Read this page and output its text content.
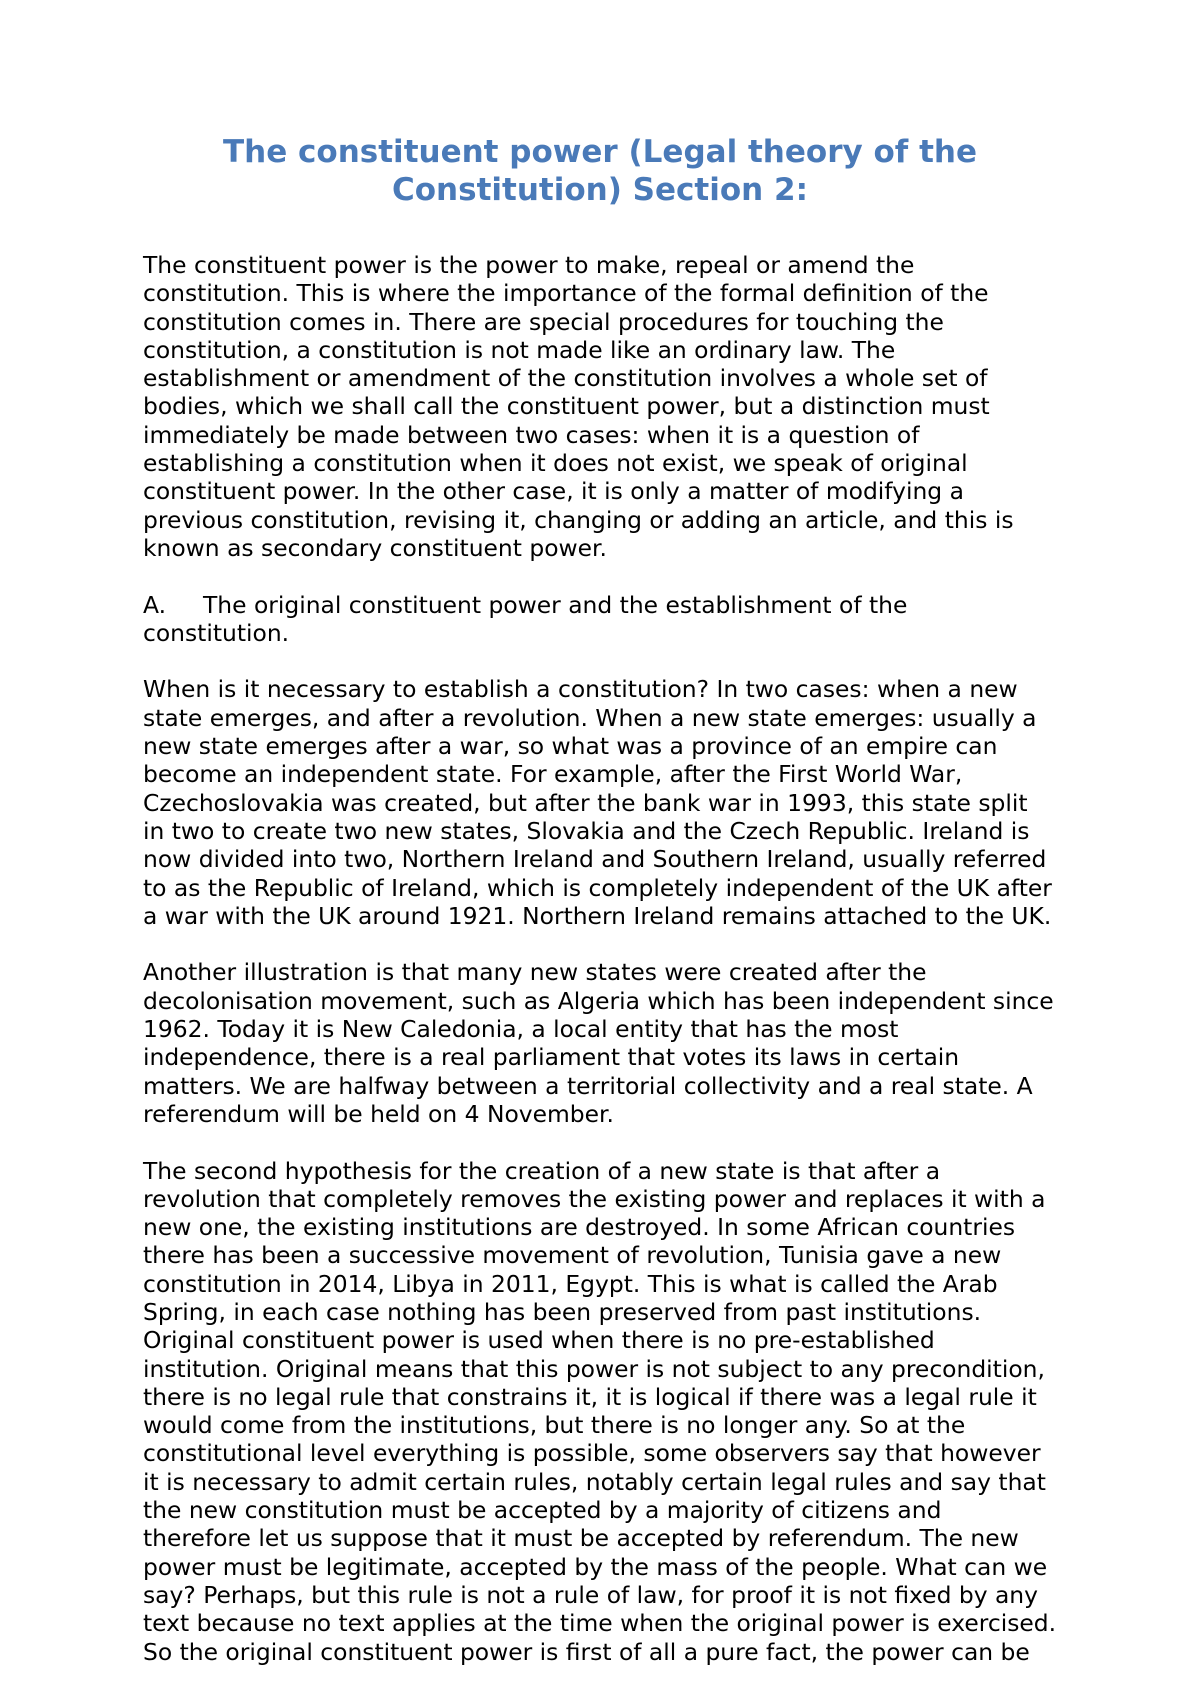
The constituent power (Legal theory of the
Constitution) Section 2:

The constituent power is the power to make, repeal or amend the
constitution. This is where the importance of the formal definition of the
constitution comes in. There are special procedures for touching the
constitution, a constitution is not made like an ordinary law. The
establishment or amendment of the constitution involves a whole set of
bodies, which we shall call the constituent power, but a distinction must
immediately be made between two cases: when it is a question of
establishing a constitution when it does not exist, we speak of original
constituent power. In the other case, it is only a matter of modifying a
previous constitution, revising it, changing or adding an article, and this is
known as secondary constituent power.

A. The original constituent power and the establishment of the
constitution.

When is it necessary to establish a constitution? In two cases: when a new
state emerges, and after a revolution. When a new state emerges: usually a
new state emerges after a war, so what was a province of an empire can
become an independent state. For example, after the First World War,
Czechoslovakia was created, but after the bank war in 1993, this state split
in two to create two new states, Slovakia and the Czech Republic. Ireland is
now divided into two, Northern Ireland and Southern Ireland, usually referred
to as the Republic of Ireland, which is completely independent of the UK after
a war with the UK around 1921. Northern Ireland remains attached to the UK.

Another illustration is that many new states were created after the
decolonisation movement, such as Algeria which has been independent since
1962. Today it is New Caledonia, a local entity that has the most
independence, there is a real parliament that votes its laws in certain
matters. We are halfway between a territorial collectivity and a real state. A
referendum will be held on 4 November.

The second hypothesis for the creation of a new state is that after a
revolution that completely removes the existing power and replaces it with a
new one, the existing institutions are destroyed. In some African countries
there has been a successive movement of revolution, Tunisia gave a new
constitution in 2014, Libya in 2011, Egypt. This is what is called the Arab
Spring, in each case nothing has been preserved from past institutions.
Original constituent power is used when there is no pre-established
institution. Original means that this power is not subject to any precondition,
there is no legal rule that constrains it, it is logical if there was a legal rule it
would come from the institutions, but there is no longer any. So at the
constitutional level everything is possible, some observers say that however
it is necessary to admit certain rules, notably certain legal rules and say that
the new constitution must be accepted by a majority of citizens and
therefore let us suppose that it must be accepted by referendum. The new
power must be legitimate, accepted by the mass of the people. What can we
say? Perhaps, but this rule is not a rule of law, for proof it is not fixed by any
text because no text applies at the time when the original power is exercised.
So the original constituent power is first of all a pure fact, the power can be
